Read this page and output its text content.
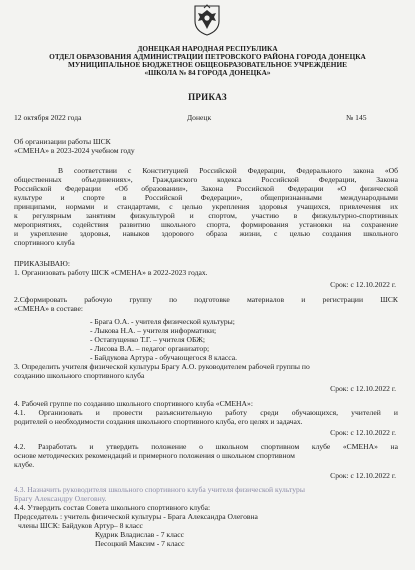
ДОНЕЦКАЯ НАРОДНАЯ РЕСПУБЛИКА
ОТДЕЛ ОБРАЗОВАНИЯ АДМИНИСТРАЦИИ ПЕТРОВСКОГО РАЙОНА ГОРОДА ДОНЕЦКА
МУНИЦИПАЛЬНОЕ БЮДЖЕТНОЕ ОБЩЕОБРАЗОВАТЕЛЬНОЕ УЧРЕЖДЕНИЕ
«ШКОЛА № 84 ГОРОДА ДОНЕЦКА»
ПРИКАЗ
12 октября 2022 года	Донецк	№ 145
Об организации работы ШСК
«СМЕНА» в 2023-2024 учебном году
В соответствии с Конституцией Российской Федерации, Федерального закона «Об
общественных объединениях», Гражданского кодекса Российской Федерации, Закона
Российской Федерации «Об образовании», Закона Российской Федерации «О физической
культуре и спорте в Российской Федерации», общепризнанными международными
принципами, нормами и стандартами, с целью укрепления здоровья учащихся, привлечения их
к регулярным занятиям физкультурой и спортом, участию в физкультурно-спортивных
мероприятиях, содействия развитию школьного спорта, формирования установки на сохранение
и укрепление здоровья, навыков здорового образа жизни, с целью создания школьного
спортивного клуба
ПРИКАЗЫВАЮ:
1. Организовать работу ШСК «СМЕНА» в 2022-2023 годах.
Срок: с 12.10.2022 г.
2.Сформировать рабочую группу по подготовке материалов и регистрации ШСК
«СМЕНА» в составе:
- Брага О.А. - учителя физической культуры;
- Лыкова Н.А. – учителя информатики;
- Остапущенко Т.Г. – учителя ОБЖ;
- Лисова В.А. – педагог организатор;
- Байдукова Артура - обучающегося 8 класса.
3. Определить учителя физической культуры Брагу А.О. руководителем рабочей группы по
созданию школьного спортивного клуба
Срок: с 12.10.2022 г.
4. Рабочей группе по созданию школьного спортивного клуба «СМЕНА»:
4.1. Организовать и провести разъяснительную работу среди обучающихся, учителей и
родителей о необходимости создания школьного спортивного клуба, его целях и задачах.
Срок: с 12.10.2022 г.
4.2. Разработать и утвердить положение о школьном спортивном клубе «СМЕНА» на
основе методических рекомендаций и примерного положения о школьном спортивном
клубе.
Срок: с 12.10.2022 г.
4.3. Назначить руководителя школьного спортивного клуба учителя физической культуры
Брагу Александру Олеговну.
4.4. Утвердить состав Совета школьного спортивного клуба:
Председатель : учитель физической культуры - Брага Александра Олеговна
члены ШСК: Байдуков Артур– 8 класс
Кудрик Владислав - 7 класс
Песоцкий Максим - 7 класс
